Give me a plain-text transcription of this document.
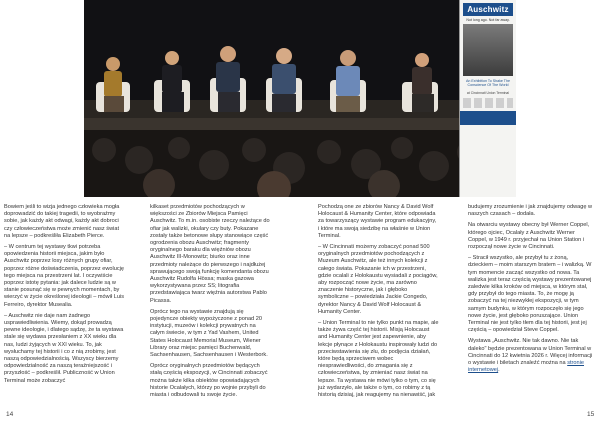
Auschwitz
Not long ago. Not far away.
An Exhibition To Shake The Conscience Of The World
at Cincinnati Union Terminal

Bowiem jeśli to wizja jednego człowieka mogła doprowadzić do takiej tragedii, to wyobraźmy sobie, jak każdy akt odwagi, każdy akt dobroci czy człowieczeństwa może zmienić nasz świat na lepsze – podkreśliła Elizabeth Pierce.

– W centrum tej wystawy tkwi potrzeba opowiedzenia historii miejsca, jakim było Auschwitz poprzez losy różnych grupy ofiar, poprzez różne doświadczenia, poprzez ewolucję tego miejsca na przestrzeni lat. I oczywiście poprzez istotę pytania: jak dalece ludzie są w stanie posunąć się w pewnych momentach, by wierzyć w życie określonej ideologii – mówił Luis Ferreiro, dyrektor Musealia.

– Auschwitz nie daje nam żadnego usprawiedliwienia. Wiemy, dokąd prowadzą pewne ideologie, i dlatego sądzę, że ta wystawa stale się wydawa przesłaniem z XX wieku dla nas, ludzi żyjących w XXI wieku. To, jak wysłuchamy tej historii i co z nią zrobimy, jest naszą odpowiedzialnością. Wszyscy bierzemy odpowiedzialność za naszą teraźniejszość i przyszłość – podkreślił. Publiczność w Union Terminal może zobaczyć

kilkaset przedmiotów pochodzących w większości ze Zbiorów Miejsca Pamięci Auschwitz. To m.in. osobiste rzeczy należące do ofiar jak walizki, okulary czy buty. Pokazane zostały także betonowe słupy stanowiące część ogrodzenia obozu Auschwitz; fragmenty oryginalnego baraku dla więźniów obozu Auschwitz III-Monowitz; biurko oraz inne przedmioty należące do pierwszego i najdłużej sprawującego swoją funkcję komendanta obozu Auschwitz Rudolfa Hössa; maska gazowa wykorzystywana przez SS; litografia przedstawiająca twarz więźnia autorstwa Pablo Picassa.

Oprócz tego na wystawie znajdują się pojedyncze obiekty wypożyczone z ponad 20 instytucji, muzeów i kolekcji prywatnych na całym świecie, w tym z Yad Vashem, United States Holocaust Memorial Museum, Wiener Library oraz miejsc pamięci Buchenwald, Sachsenhausen, Sachsenhausen i Westerbork.

Oprócz oryginalnych przedmiotów będących stałą częścią ekspozycji, w Cincinnati zobaczyć można także kilka obiektów opowiadających historie Ocalałych, którzy po wojnie przybyli do miasta i odbudowali tu swoje życie.

Pochodzą one ze zbiorów Nancy & David Wolf Holocaust & Humanity Center, które odpowiada za towarzyszący wystawie program edukacyjny, i które ma swoją siedzibę na właśnie w Union Terminal.

– W Cincinnati możemy zobaczyć ponad 500 oryginalnych przedmiotów pochodzących z Muzeum Auschwitz, ale też innych kolekcji z całego świata. Pokazanie ich w przestrzeni, gdzie ocalali z Holokaustu wysiadali z pociągów, aby rozpocząć nowe życie, ma zarówno znaczenie historyczne, jak i głęboko symboliczne – powiedziała Jackie Congedo, dyrektor Nancy & David Wolf Holocaust & Humanity Center.

– Union Terminal to nie tylko punkt na mapie, ale także żywa część tej historii. Misją Holocaust and Humanity Center jest zapewnienie, aby lekcje płynące z Holokaustu inspirowały ludzi do przeciwstawienia się złu, do podjęcia działań, które będą sprzeciwem wobec niesprawiedliwości, do zmagania się z człowieczeństwa, by zmieniać nasz świat na lepsze. Ta wystawa nie mówi tylko o tym, co się już wydarzyło, ale także o tym, co robimy z tą historią dzisiaj, jak reagujemy na nienawiść, jak

budujemy zrozumienie i jak znajdujemy odwagę w naszych czasach – dodała.

Na otwarciu wystawy obecny był Werner Coppel, którego ojciec, Ocalały z Auschwitz Werner Coppel, w 1949 r. przyjechał na Union Station i rozpoczął nowe życie w Cincinnati.

– Stracił wszystko, ale przybył tu z żoną, dzieckiem – moim starszym bratem – i walizką. W tym momencie zacząć wszystko od nowa. Ta walizka jest teraz częścią wystawy prezentowanej zaledwie kilka kroków od miejsca, w którym stał, gdy przybył do tego miasta. To, że mogę ją zobaczyć na tej niezwykłej ekspozycji, w tym samym budynku, w którym rozpoczęło się jego nowe życie, jest głęboko poruszające. Union Terminal nie jest tylko tłem dla tej historii, jest jej częścią – opowiedział Steve Coppel.

Wystawa „Auschwitz. Nie tak dawno. Nie tak daleko" będzie prezentowana w Union Terminal w Cincinnati do 12 kwietnia 2026 r. Więcej informacji o wystawie i biletach znaleźć można na stronie internetowej.

14	15
